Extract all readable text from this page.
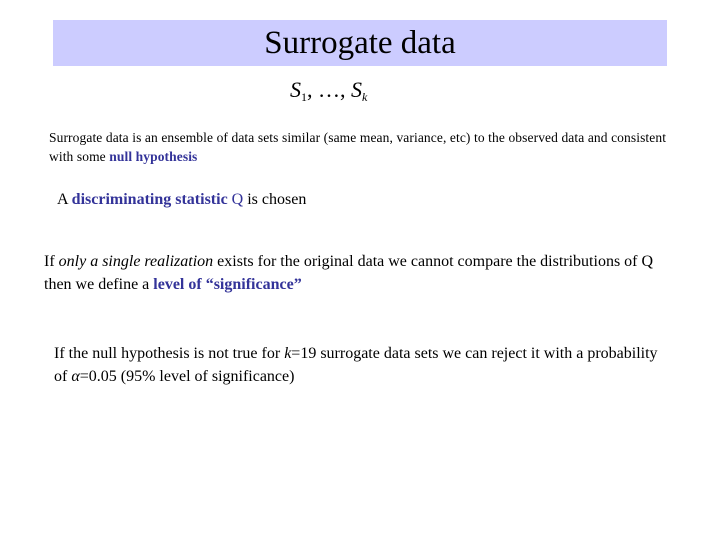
Surrogate data
$S_1$, …, $S_k$
Surrogate data is an ensemble of data sets similar (same mean, variance, etc) to the observed data and consistent with some null hypothesis
A discriminating statistic Q is chosen
If only a single realization exists for the original data we cannot compare the distributions of Q then we define a level of “significance”
If the null hypothesis is not true for k=19 surrogate data sets we can reject it with a probability of α=0.05 (95% level of significance)
